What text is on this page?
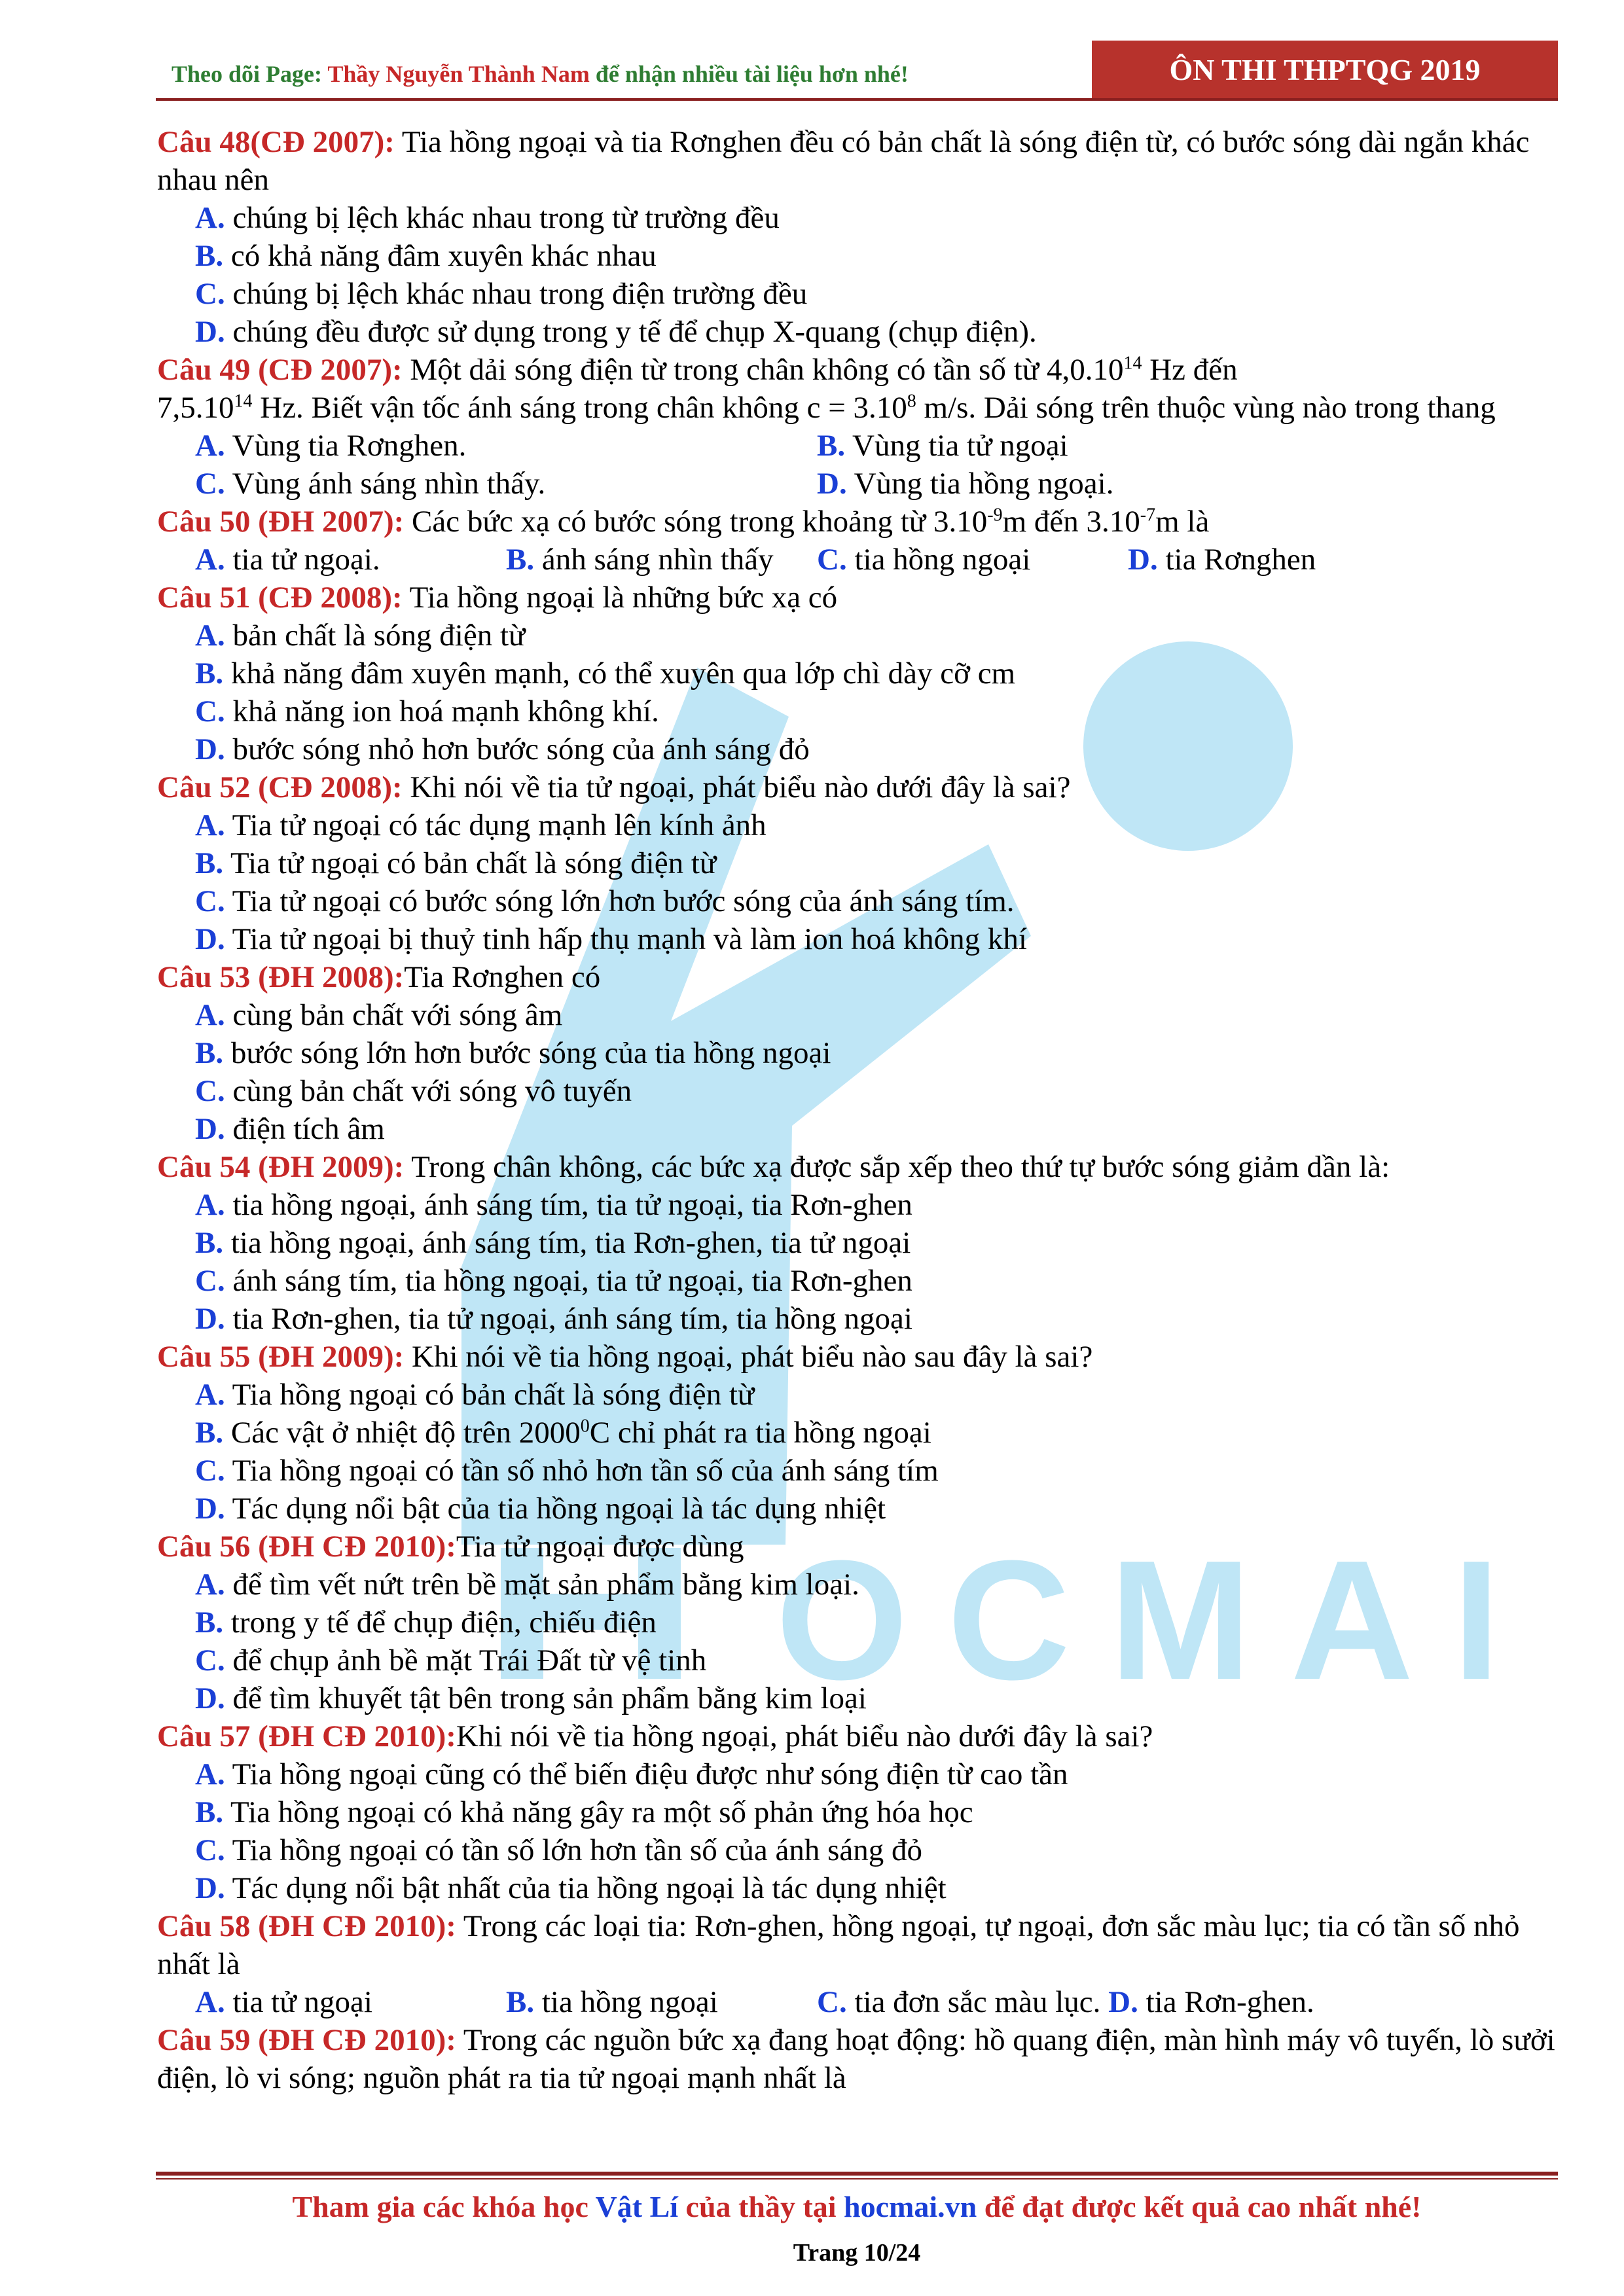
OCMAI
Theo dõi Page: Thầy Nguyễn Thành Nam để nhận nhiều tài liệu hơn nhé!	ÔN THI THPTQG 2019

Câu 48(CĐ 2007): Tia hồng ngoại và tia Rơnghen đều có bản chất là sóng điện từ, có bước sóng dài ngắn khác nhau nên

A. chúng bị lệch khác nhau trong từ trường đều

B. có khả năng đâm xuyên khác nhau

C. chúng bị lệch khác nhau trong điện trường đều

D. chúng đều được sử dụng trong y tế để chụp X-quang (chụp điện).

Câu 49 (CĐ 2007): Một dải sóng điện từ trong chân không có tần số từ 4,0.10$^{14}$ Hz đến
7,5.10$^{14}$ Hz. Biết vận tốc ánh sáng trong chân không $c = 3.10^8$ m/s. Dải sóng trên thuộc vùng nào trong thang

A. Vùng tia Rơnghen.	B. Vùng tia tử ngoại
C. Vùng ánh sáng nhìn thấy.	D. Vùng tia hồng ngoại.

Câu 50 (ĐH 2007): Các bức xạ có bước sóng trong khoảng từ $3.10^{-9}m$ đến $3.10^{-7}m$ là

A. tia tử ngoại.	B. ánh sáng nhìn thấy	C. tia hồng ngoại	D. tia Rơnghen

Câu 51 (CĐ 2008): Tia hồng ngoại là những bức xạ có

A. bản chất là sóng điện từ

B. khả năng đâm xuyên mạnh, có thể xuyên qua lớp chì dày cỡ cm

C. khả năng ion hoá mạnh không khí.

D. bước sóng nhỏ hơn bước sóng của ánh sáng đỏ

Câu 52 (CĐ 2008): Khi nói về tia tử ngoại, phát biểu nào dưới đây là sai?

A. Tia tử ngoại có tác dụng mạnh lên kính ảnh

B. Tia tử ngoại có bản chất là sóng điện từ

C. Tia tử ngoại có bước sóng lớn hơn bước sóng của ánh sáng tím.

D. Tia tử ngoại bị thuỷ tinh hấp thụ mạnh và làm ion hoá không khí

Câu 53 (ĐH 2008):Tia Rơnghen có

A. cùng bản chất với sóng âm

B. bước sóng lớn hơn bước sóng của tia hồng ngoại

C. cùng bản chất với sóng vô tuyến

D. điện tích âm

Câu 54 (ĐH 2009): Trong chân không, các bức xạ được sắp xếp theo thứ tự bước sóng giảm dần là:

A. tia hồng ngoại, ánh sáng tím, tia tử ngoại, tia Rơn-ghen

B. tia hồng ngoại, ánh sáng tím, tia Rơn-ghen, tia tử ngoại

C. ánh sáng tím, tia hồng ngoại, tia tử ngoại, tia Rơn-ghen

D. tia Rơn-ghen, tia tử ngoại, ánh sáng tím, tia hồng ngoại

Câu 55 (ĐH 2009): Khi nói về tia hồng ngoại, phát biểu nào sau đây là sai?

A. Tia hồng ngoại có bản chất là sóng điện từ

B. Các vật ở nhiệt độ trên 2000$^0$C chỉ phát ra tia hồng ngoại

C. Tia hồng ngoại có tần số nhỏ hơn tần số của ánh sáng tím

D. Tác dụng nổi bật của tia hồng ngoại là tác dụng nhiệt

Câu 56 (ĐH CĐ 2010):Tia tử ngoại được dùng

A. để tìm vết nứt trên bề mặt sản phẩm bằng kim loại.

B. trong y tế để chụp điện, chiếu điện

C. để chụp ảnh bề mặt Trái Đất từ vệ tinh

D. để tìm khuyết tật bên trong sản phẩm bằng kim loại

Câu 57 (ĐH CĐ 2010):Khi nói về tia hồng ngoại, phát biểu nào dưới đây là sai?

A. Tia hồng ngoại cũng có thể biến điệu được như sóng điện từ cao tần

B. Tia hồng ngoại có khả năng gây ra một số phản ứng hóa học

C. Tia hồng ngoại có tần số lớn hơn tần số của ánh sáng đỏ

D. Tác dụng nổi bật nhất của tia hồng ngoại là tác dụng nhiệt

Câu 58 (ĐH CĐ 2010): Trong các loại tia: Rơn-ghen, hồng ngoại, tự ngoại, đơn sắc màu lục; tia có tần số nhỏ nhất là

A. tia tử ngoại	B. tia hồng ngoại	C. tia đơn sắc màu lục. D. tia Rơn-ghen.

Câu 59 (ĐH CĐ 2010): Trong các nguồn bức xạ đang hoạt động: hồ quang điện, màn hình máy vô tuyến, lò sưởi điện, lò vi sóng; nguồn phát ra tia tử ngoại mạnh nhất là

Tham gia các khóa học Vật Lí của thầy tại hocmai.vn để đạt được kết quả cao nhất nhé!
Trang 10/24
